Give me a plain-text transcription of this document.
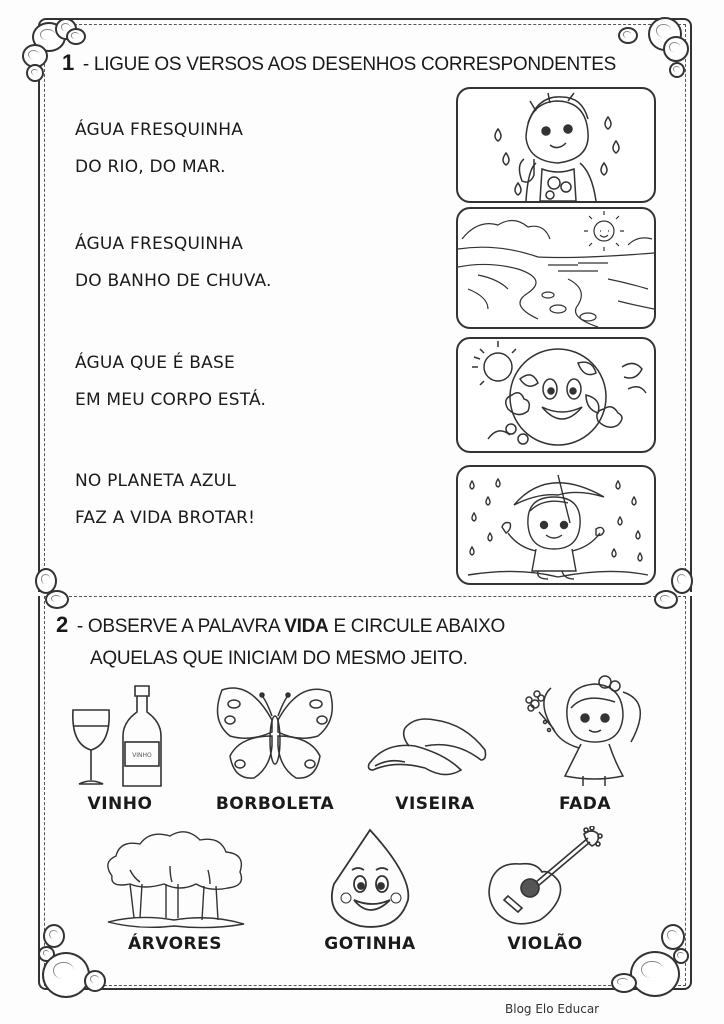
1 - LIGUE OS VERSOS AOS DESENHOS CORRESPONDENTES
ÁGUA FRESQUINHA
DO RIO, DO MAR.
ÁGUA FRESQUINHA
DO BANHO DE CHUVA.
ÁGUA QUE É BASE
EM MEU CORPO ESTÁ.
NO PLANETA AZUL
FAZ A VIDA BROTAR!
2 - OBSERVE A PALAVRA VIDA E CIRCULE ABAIXO
AQUELAS QUE INICIAM DO MESMO JEITO.
VINHO
VINHO	BORBOLETA	VISEIRA	FADA
ÁRVORES	GOTINHA	VIOLÃO
Blog Elo Educar
